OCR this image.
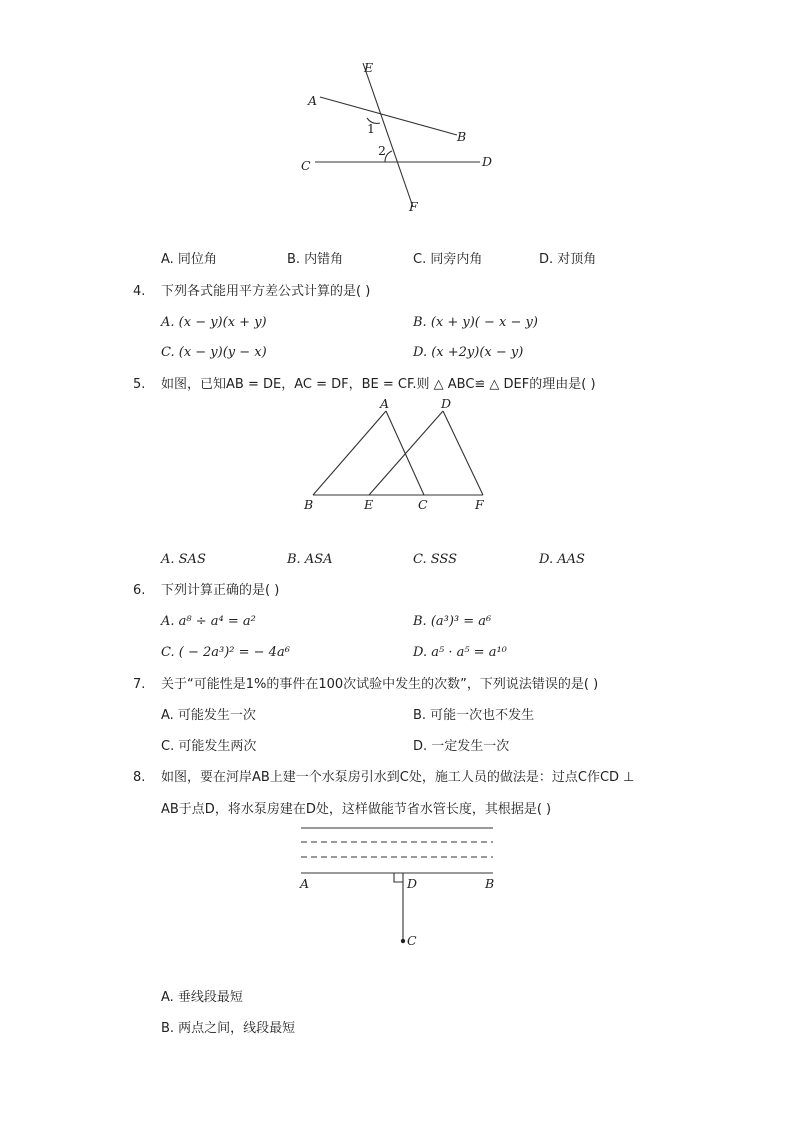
E
A
B
C	D
F
1
2
A. 同位角	B. 内错角	C. 同旁内角	D. 对顶角
4. 下列各式能用平方差公式计算的是( )
A. (x − y)(x + y)	B. (x + y)( − x − y)
C. (x − y)(y − x)	D. (x +2y)(x − y)
5. 如图，已知AB = DE，AC = DF，BE = CF.则 △ ABC≌ △ DEF的理由是( )
A	D
B	E	C	F
A. SAS	B. ASA	C. SSS	D. AAS
6. 下列计算正确的是( )
A. a⁸ ÷ a⁴ = a²	B. (a³)³ = a⁶
C. ( − 2a³)² = − 4a⁶	D. a⁵ · a⁵ = a¹⁰
7. 关于“可能性是1%的事件在100次试验中发生的次数”，下列说法错误的是( )
A. 可能发生一次	B. 可能一次也不发生
C. 可能发生两次	D. 一定发生一次
8. 如图，要在河岸AB上建一个水泵房引水到C处，施工人员的做法是：过点C作CD ⊥
AB于点D，将水泵房建在D处，这样做能节省水管长度，其根据是( )
A	D	B
C
A. 垂线段最短
B. 两点之间，线段最短
